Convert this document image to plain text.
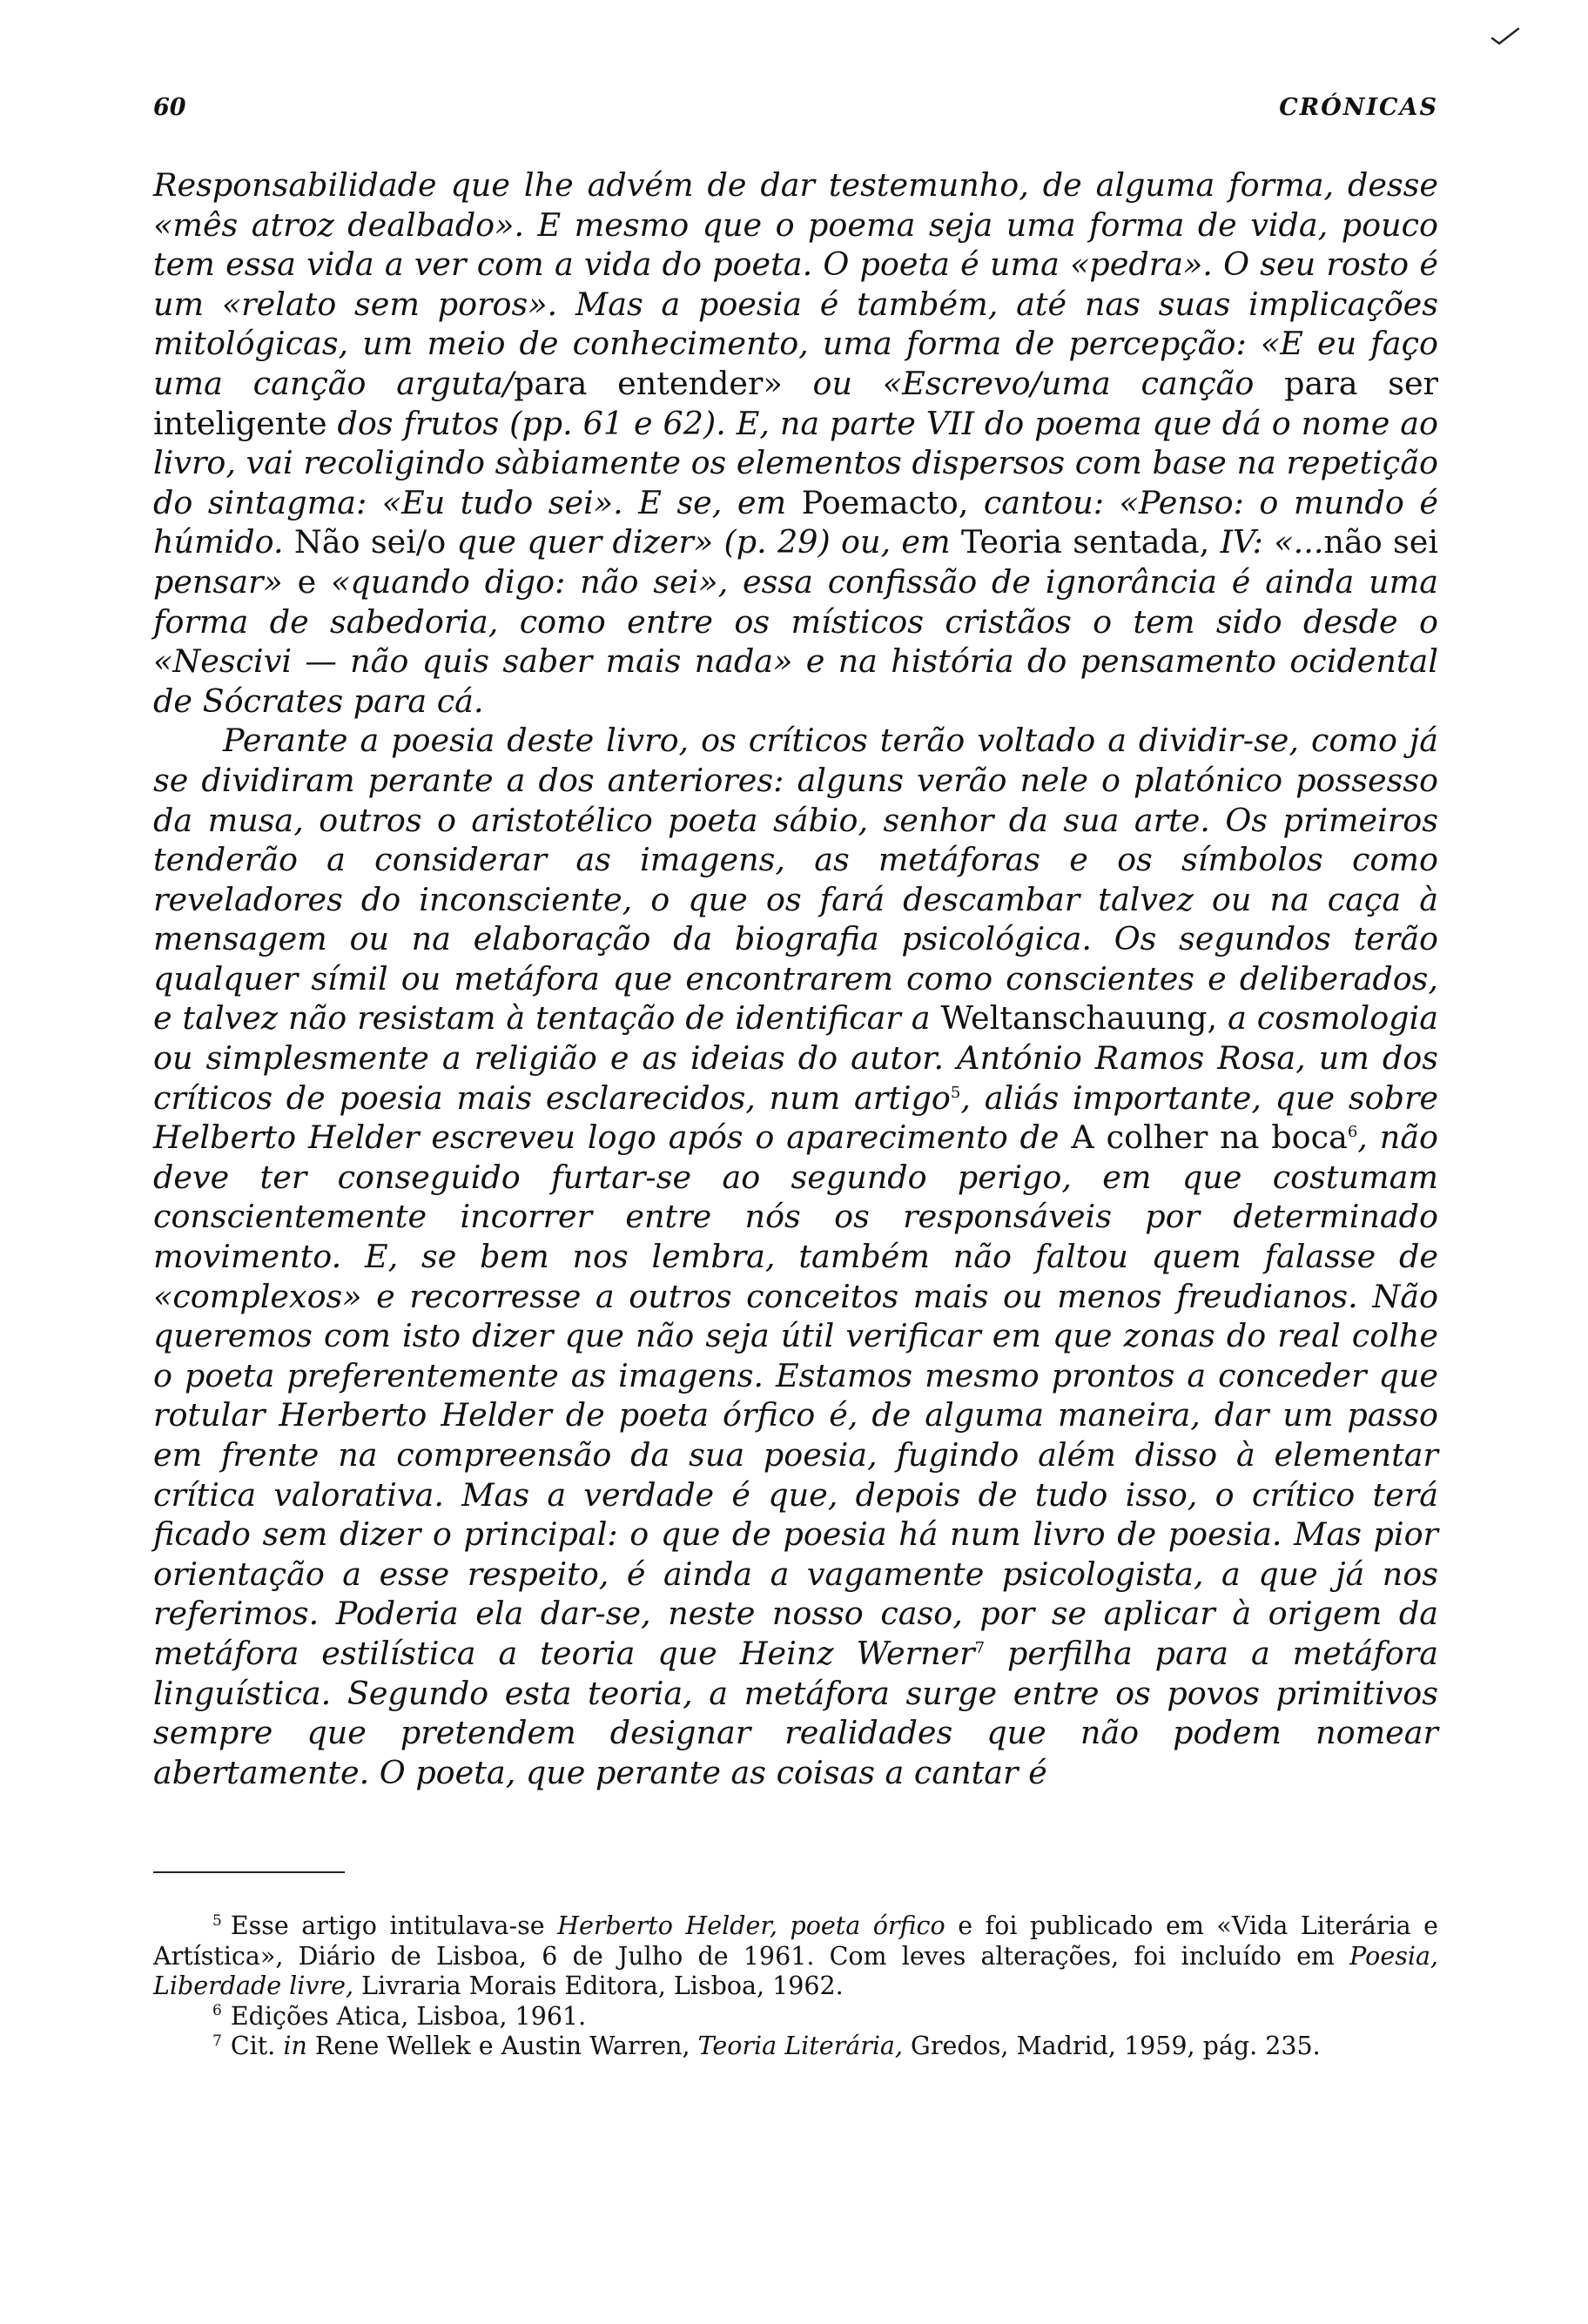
60	CRÓNICAS

Responsabilidade que lhe advém de dar testemunho, de alguma forma, desse «mês atroz dealbado». E mesmo que o poema seja uma forma de vida, pouco tem essa vida a ver com a vida do poeta. O poeta é uma «pedra». O seu rosto é um «relato sem poros». Mas a poesia é também, até nas suas implicações mitológicas, um meio de conhecimento, uma forma de percepção: «E eu faço uma canção arguta/para entender» ou «Escrevo/uma canção para ser inteligente dos frutos (pp. 61 e 62). E, na parte VII do poema que dá o nome ao livro, vai recoligindo sàbiamente os elementos dispersos com base na repetição do sintagma: «Eu tudo sei». E se, em Poemacto, cantou: «Penso: o mundo é húmido. Não sei/o que quer dizer» (p. 29) ou, em Teoria sentada, IV: «...não sei pensar» e «quando digo: não sei», essa confissão de ignorância é ainda uma forma de sabedoria, como entre os místicos cristãos o tem sido desde o «Nescivi — não quis saber mais nada» e na história do pensamento ocidental de Sócrates para cá.

Perante a poesia deste livro, os críticos terão voltado a dividir-se, como já se dividiram perante a dos anteriores: alguns verão nele o platónico possesso da musa, outros o aristotélico poeta sábio, senhor da sua arte. Os primeiros tenderão a considerar as imagens, as metáforas e os símbolos como reveladores do inconsciente, o que os fará descambar talvez ou na caça à mensagem ou na elaboração da biografia psicológica. Os segundos terão qualquer símil ou metáfora que encontrarem como conscientes e deliberados, e talvez não resistam à tentação de identificar a Weltanschauung, a cosmologia ou simplesmente a religião e as ideias do autor. António Ramos Rosa, um dos críticos de poesia mais esclarecidos, num artigo$^5$, aliás importante, que sobre Helberto Helder escreveu logo após o aparecimento de A colher na boca$^6$, não deve ter conseguido furtar-se ao segundo perigo, em que costumam conscientemente incorrer entre nós os responsáveis por determinado movimento. E, se bem nos lembra, também não faltou quem falasse de «complexos» e recorresse a outros conceitos mais ou menos freudianos. Não queremos com isto dizer que não seja útil verificar em que zonas do real colhe o poeta preferentemente as imagens. Estamos mesmo prontos a conceder que rotular Herberto Helder de poeta órfico é, de alguma maneira, dar um passo em frente na compreensão da sua poesia, fugindo além disso à elementar crítica valorativa. Mas a verdade é que, depois de tudo isso, o crítico terá ficado sem dizer o principal: o que de poesia há num livro de poesia. Mas pior orientação a esse respeito, é ainda a vagamente psicologista, a que já nos referimos. Poderia ela dar-se, neste nosso caso, por se aplicar à origem da metáfora estilística a teoria que Heinz Werner$^7$ perfilha para a metáfora linguística. Segundo esta teoria, a metáfora surge entre os povos primitivos sempre que pretendem designar realidades que não podem nomear abertamente. O poeta, que perante as coisas a cantar é

$^5$ Esse artigo intitulava-se Herberto Helder, poeta órfico e foi publicado em «Vida Literária e Artística», Diário de Lisboa, 6 de Julho de 1961. Com leves alterações, foi incluído em Poesia, Liberdade livre, Livraria Morais Editora, Lisboa, 1962.

$^6$ Edições Atica, Lisboa, 1961.

$^7$ Cit. in Rene Wellek e Austin Warren, Teoria Literária, Gredos, Madrid, 1959, pág. 235.
